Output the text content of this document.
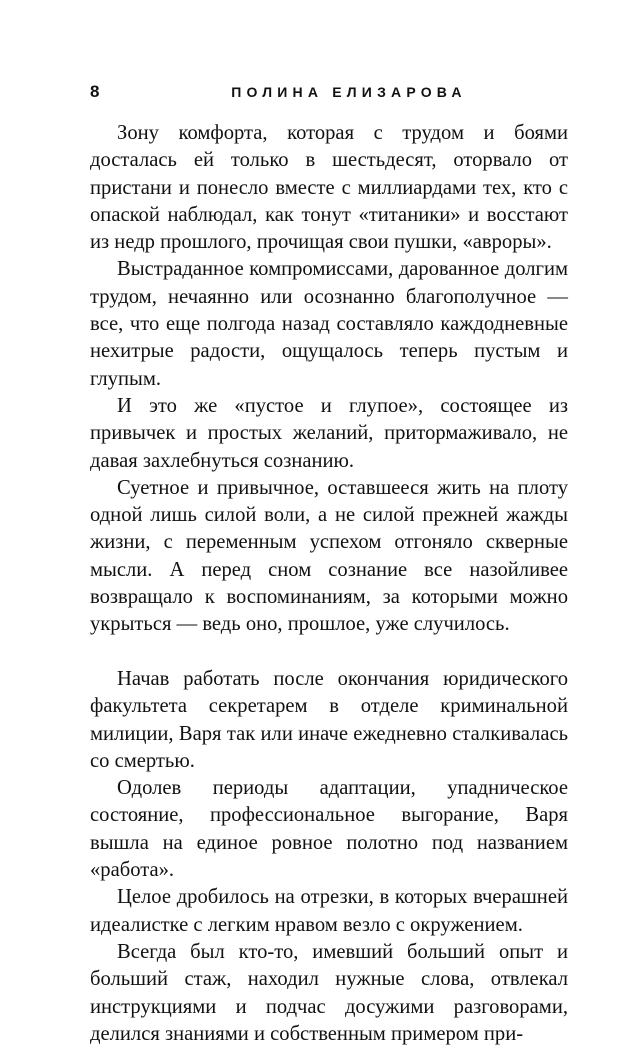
8	ПОЛИНА ЕЛИЗАРОВА

Зону комфорта, которая с трудом и боями досталась ей только в шестьдесят, оторвало от пристани и понесло вместе с миллиардами тех, кто с опаской наблюдал, как тонут «титаники» и восстают из недр прошлого, прочищая свои пушки, «авроры».

Выстраданное компромиссами, дарованное долгим трудом, нечаянно или осознанно благополучное — все, что еще полгода назад составляло каждодневные нехитрые радости, ощущалось теперь пустым и глупым.

И это же «пустое и глупое», состоящее из привычек и простых желаний, притормаживало, не давая захлебнуться сознанию.

Суетное и привычное, оставшееся жить на плоту одной лишь силой воли, а не силой прежней жажды жизни, с переменным успехом отгоняло скверные мысли. А перед сном сознание все назойливее возвращало к воспоминаниям, за которыми можно укрыться — ведь оно, прошлое, уже случилось.

Начав работать после окончания юридического факультета секретарем в отделе криминальной милиции, Варя так или иначе ежедневно сталкивалась со смертью.

Одолев периоды адаптации, упадническое состояние, профессиональное выгорание, Варя вышла на единое ровное полотно под названием «работа».

Целое дробилось на отрезки, в которых вчерашней идеалистке с легким нравом везло с окружением.

Всегда был кто-то, имевший больший опыт и больший стаж, находил нужные слова, отвлекал инструкциями и подчас досужими разговорами, делился знаниями и собственным примером при-
